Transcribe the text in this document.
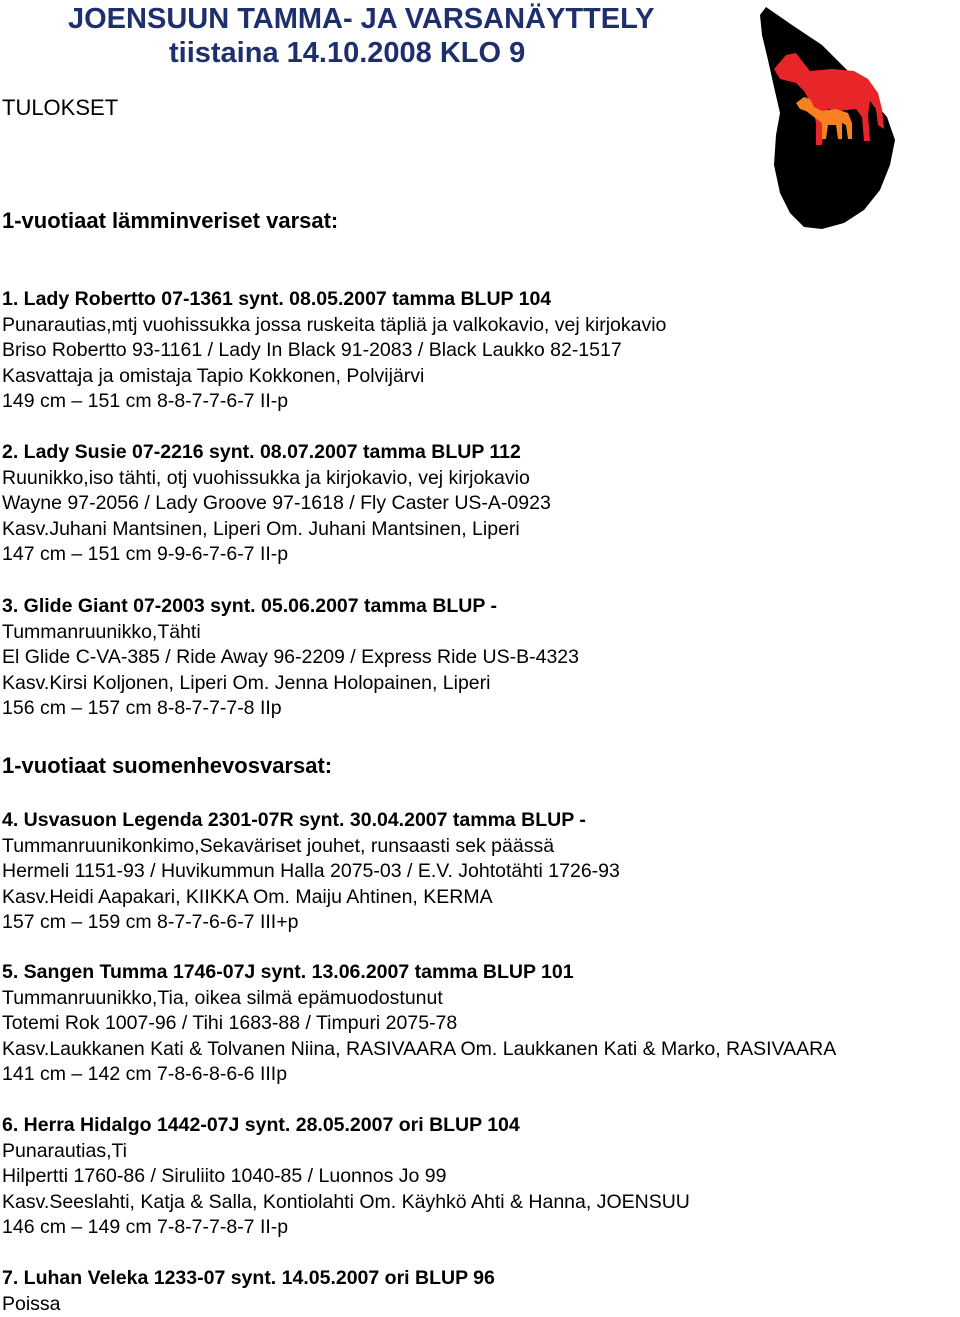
JOENSUUN TAMMA- JA VARSANÄYTTELY
tiistaina 14.10.2008 KLO 9
TULOKSET
1-vuotiaat lämminveriset varsat:
1. Lady Robertto 07-1361 synt. 08.05.2007 tamma BLUP 104
Punarautias,mtj vuohissukka jossa ruskeita täpliä ja valkokavio, vej kirjokavio
Briso Robertto 93-1161 / Lady In Black 91-2083 / Black Laukko 82-1517
Kasvattaja ja omistaja Tapio Kokkonen, Polvijärvi
149 cm – 151 cm 8-8-7-7-6-7 II-p
2. Lady Susie 07-2216 synt. 08.07.2007 tamma BLUP 112
Ruunikko,iso tähti, otj vuohissukka ja kirjokavio, vej kirjokavio
Wayne 97-2056 / Lady Groove 97-1618 / Fly Caster US-A-0923
Kasv.Juhani Mantsinen, Liperi Om. Juhani Mantsinen, Liperi
147 cm – 151 cm 9-9-6-7-6-7 II-p
3. Glide Giant 07-2003 synt. 05.06.2007 tamma BLUP -
Tummanruunikko,Tähti
El Glide C-VA-385 / Ride Away 96-2209 / Express Ride US-B-4323
Kasv.Kirsi Koljonen, Liperi Om. Jenna Holopainen, Liperi
156 cm – 157 cm 8-8-7-7-7-8 IIp
1-vuotiaat suomenhevosvarsat:
4. Usvasuon Legenda 2301-07R synt. 30.04.2007 tamma BLUP -
Tummanruunikonkimo,Sekaväriset jouhet, runsaasti sek päässä
Hermeli 1151-93 / Huvikummun Halla 2075-03 / E.V. Johtotähti 1726-93
Kasv.Heidi Aapakari, KIIKKA Om. Maiju Ahtinen, KERMA
157 cm – 159 cm 8-7-7-6-6-7 III+p
5. Sangen Tumma 1746-07J synt. 13.06.2007 tamma BLUP 101
Tummanruunikko,Tia, oikea silmä epämuodostunut
Totemi Rok 1007-96 / Tihi 1683-88 / Timpuri 2075-78
Kasv.Laukkanen Kati & Tolvanen Niina, RASIVAARA Om. Laukkanen Kati & Marko, RASIVAARA
141 cm – 142 cm 7-8-6-8-6-6 IIIp
6. Herra Hidalgo 1442-07J synt. 28.05.2007 ori BLUP 104
Punarautias,Ti
Hilpertti 1760-86 / Siruliito 1040-85 / Luonnos Jo 99
Kasv.Seeslahti, Katja & Salla, Kontiolahti Om. Käyhkö Ahti & Hanna, JOENSUU
146 cm – 149 cm 7-8-7-7-8-7 II-p
7. Luhan Veleka 1233-07 synt. 14.05.2007 ori BLUP 96
Poissa
